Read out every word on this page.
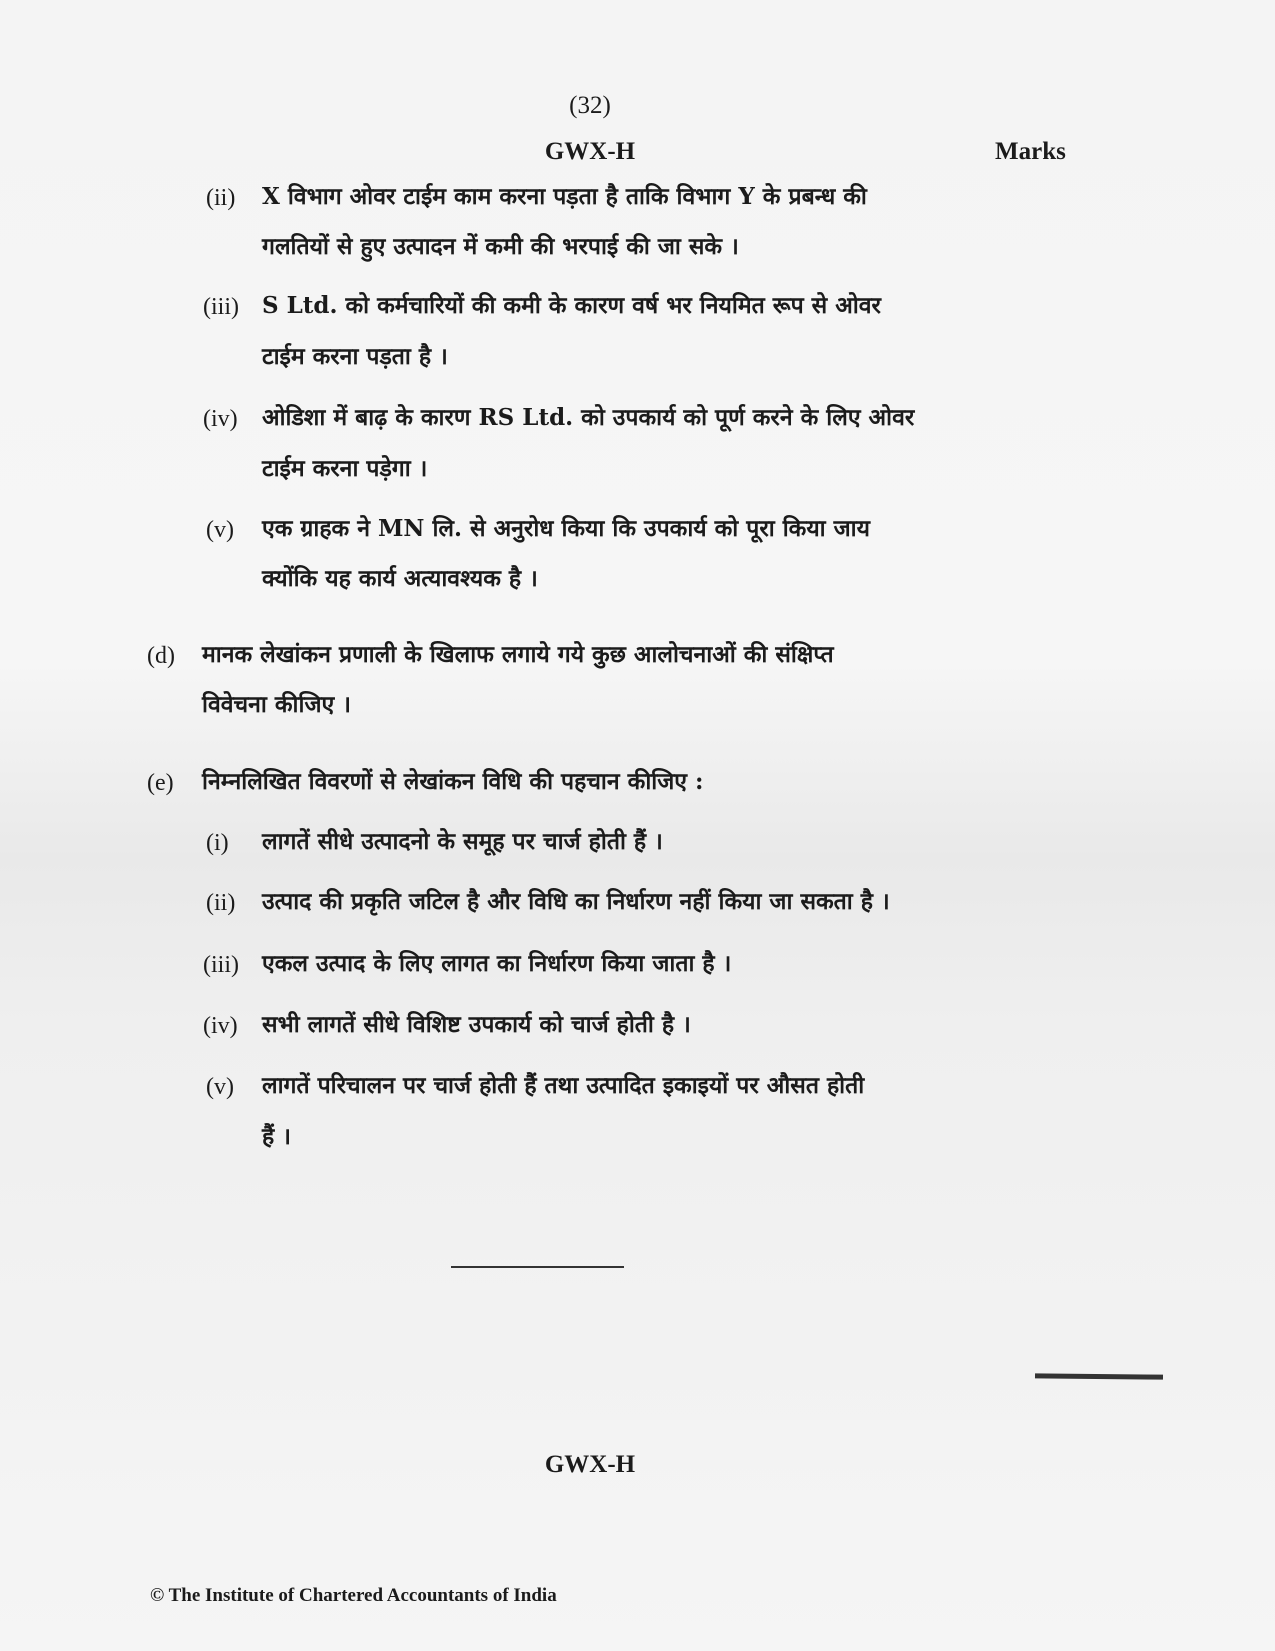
(32)
GWX-H	Marks
(ii) X विभाग ओवर टाईम काम करना पड़ता है ताकि विभाग Y के प्रबन्ध की
गलतियों से हुए उत्पादन में कमी की भरपाई की जा सके ।
(iii) S Ltd. को कर्मचारियों की कमी के कारण वर्ष भर नियमित रूप से ओवर
टाईम करना पड़ता है ।
(iv) ओडिशा में बाढ़ के कारण RS Ltd. को उपकार्य को पूर्ण करने के लिए ओवर
टाईम करना पड़ेगा ।
(v) एक ग्राहक ने MN लि. से अनुरोध किया कि उपकार्य को पूरा किया जाय
क्योंकि यह कार्य अत्यावश्यक है ।
(d) मानक लेखांकन प्रणाली के खिलाफ लगाये गये कुछ आलोचनाओं की संक्षिप्त
विवेचना कीजिए ।
(e) निम्नलिखित विवरणों से लेखांकन विधि की पहचान कीजिए :
(i) लागतें सीधे उत्पादनो के समूह पर चार्ज होती हैं ।
(ii) उत्पाद की प्रकृति जटिल है और विधि का निर्धारण नहीं किया जा सकता है ।
(iii) एकल उत्पाद के लिए लागत का निर्धारण किया जाता है ।
(iv) सभी लागतें सीधे विशिष्ट उपकार्य को चार्ज होती है ।
(v) लागतें परिचालन पर चार्ज होती हैं तथा उत्पादित इकाइयों पर औसत होती
हैं ।
GWX-H
© The Institute of Chartered Accountants of India
